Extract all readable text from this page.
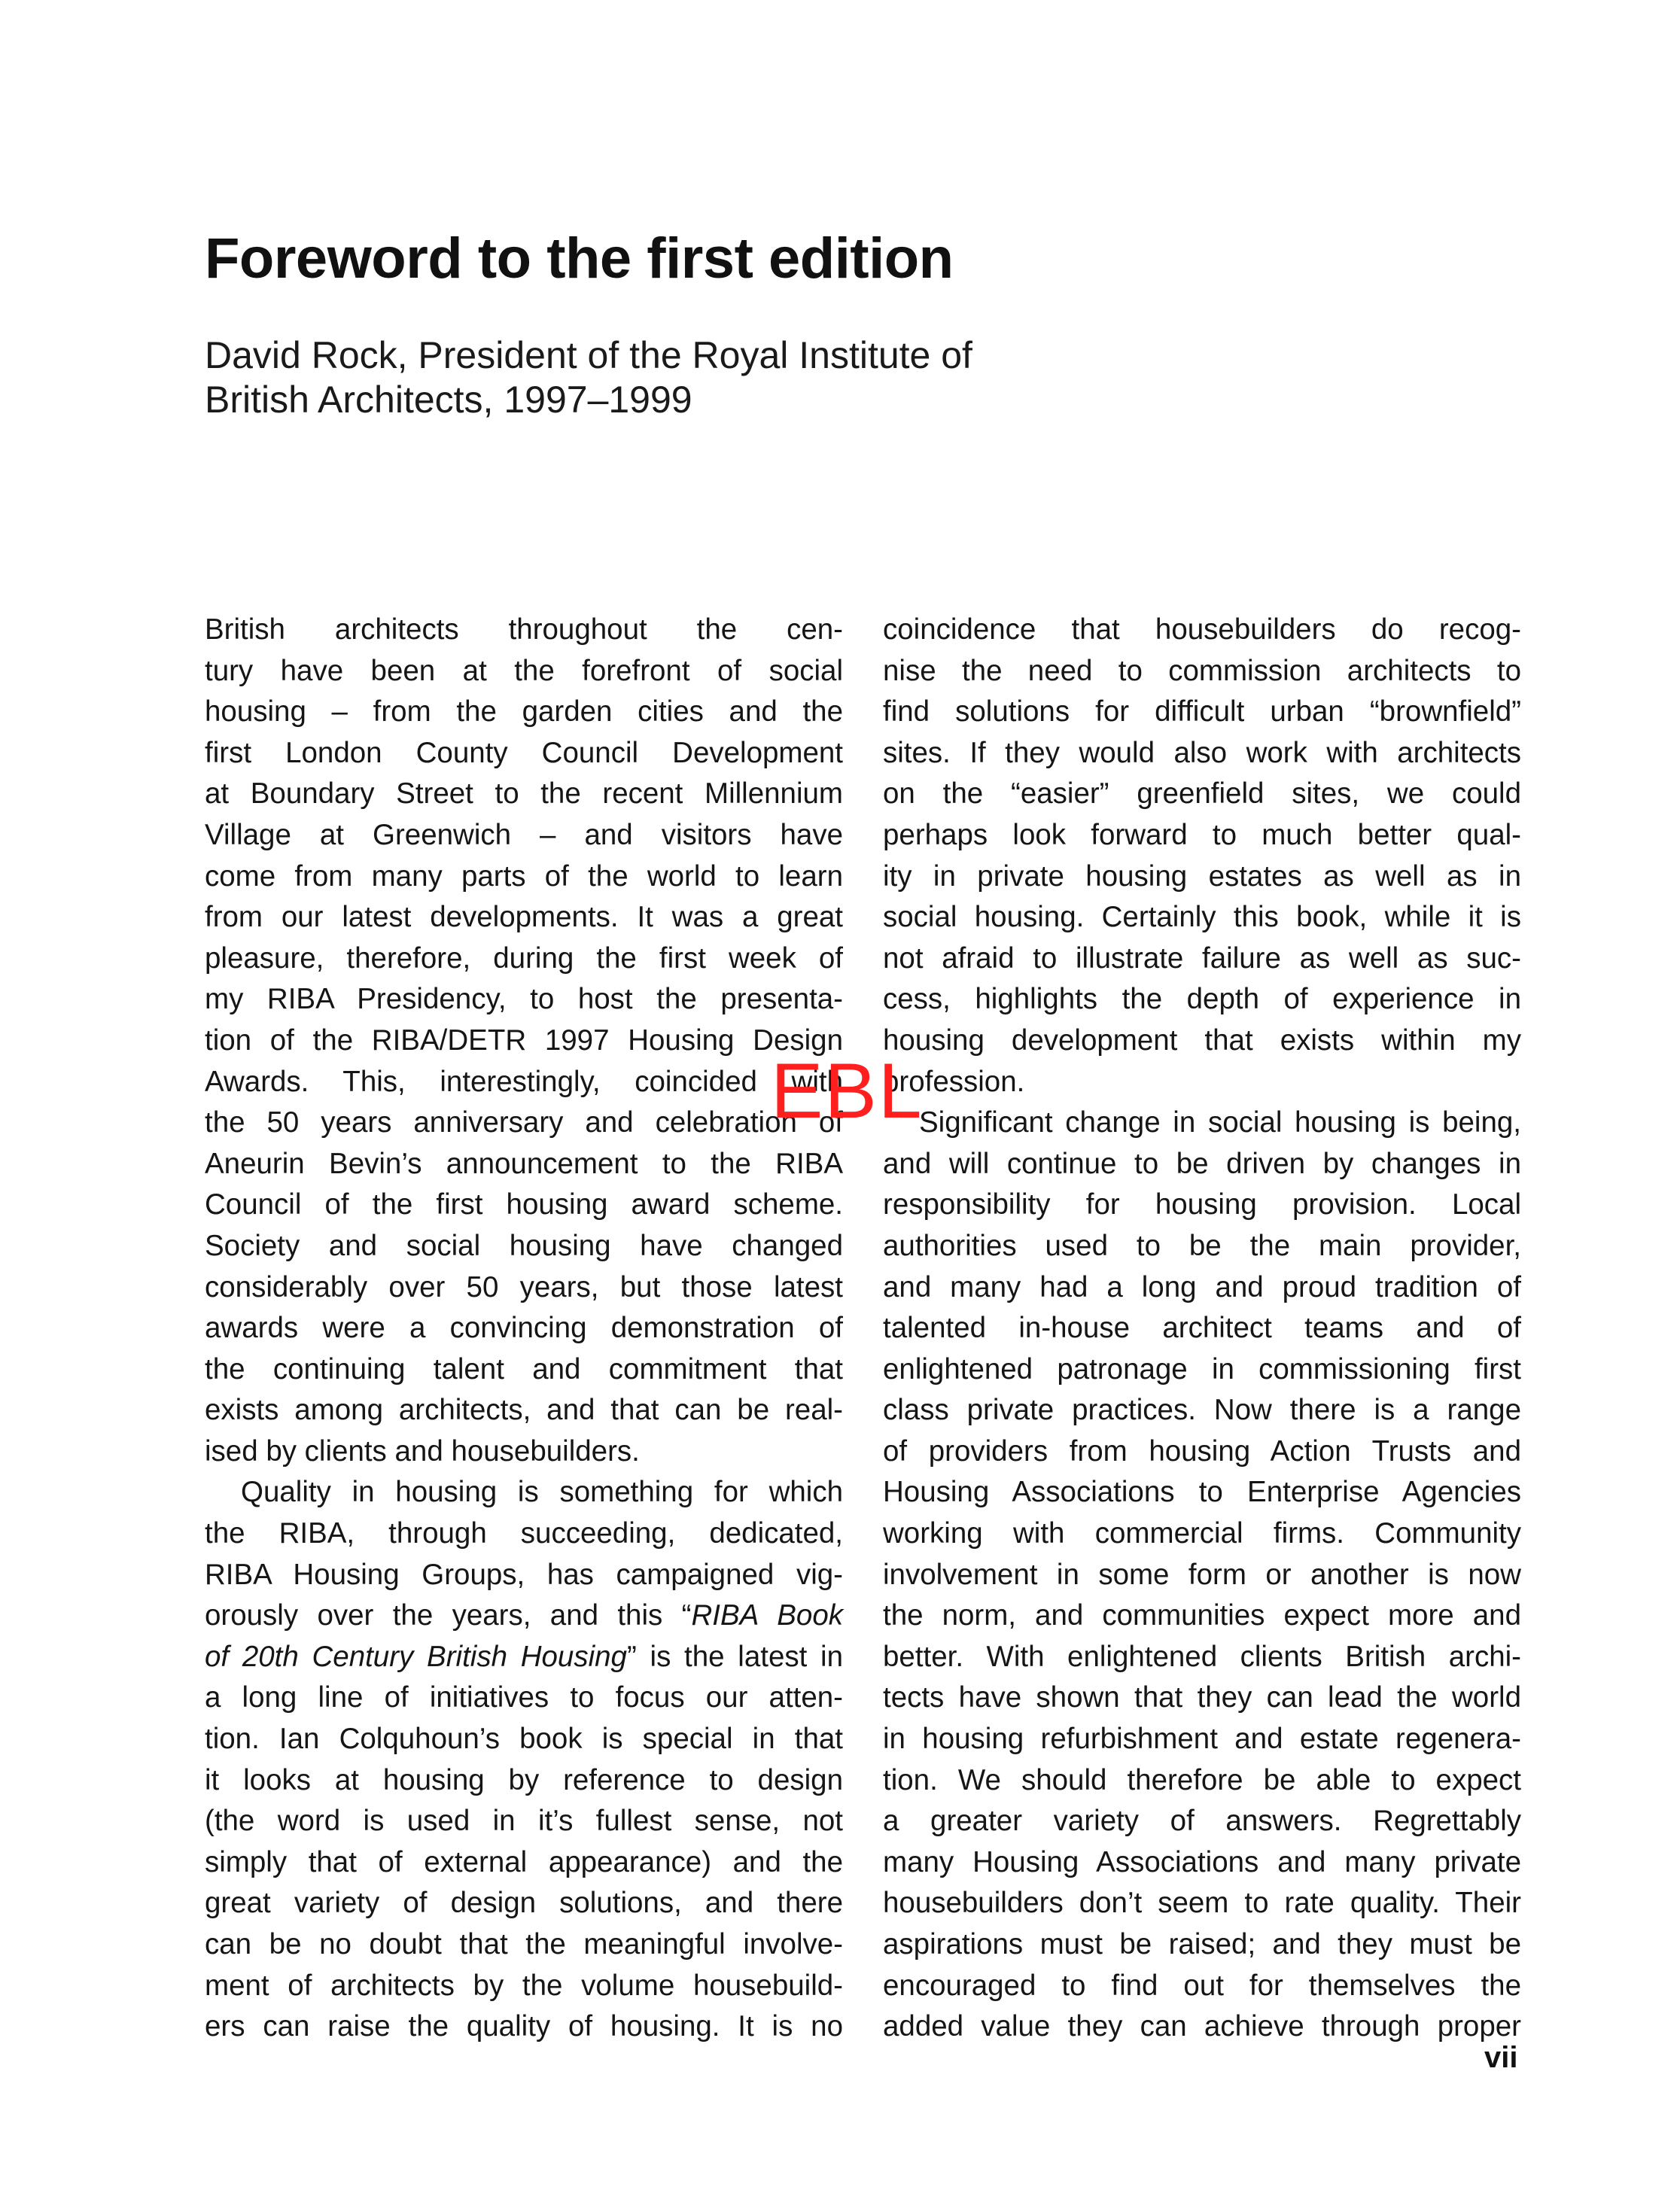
Foreword to the first edition
David Rock, President of the Royal Institute of
British Architects, 1997–1999
British architects throughout the cen-
tury have been at the forefront of social
housing – from the garden cities and the
first London County Council Development
at Boundary Street to the recent Millennium
Village at Greenwich – and visitors have
come from many parts of the world to learn
from our latest developments. It was a great
pleasure, therefore, during the first week of
my RIBA Presidency, to host the presenta-
tion of the RIBA/DETR 1997 Housing Design
Awards. This, interestingly, coincided with
the 50 years anniversary and celebration of
Aneurin Bevin’s announcement to the RIBA
Council of the first housing award scheme.
Society and social housing have changed
considerably over 50 years, but those latest
awards were a convincing demonstration of
the continuing talent and commitment that
exists among architects, and that can be real-
ised by clients and housebuilders.
Quality in housing is something for which
the RIBA, through succeeding, dedicated,
RIBA Housing Groups, has campaigned vig-
orously over the years, and this “RIBA Book
of 20th Century British Housing” is the latest in
a long line of initiatives to focus our atten-
tion. Ian Colquhoun’s book is special in that
it looks at housing by reference to design
(the word is used in it’s fullest sense, not
simply that of external appearance) and the
great variety of design solutions, and there
can be no doubt that the meaningful involve-
ment of architects by the volume housebuild-
ers can raise the quality of housing. It is no
coincidence that housebuilders do recog-
nise the need to commission architects to
find solutions for difficult urban “brownfield”
sites. If they would also work with architects
on the “easier” greenfield sites, we could
perhaps look forward to much better qual-
ity in private housing estates as well as in
social housing. Certainly this book, while it is
not afraid to illustrate failure as well as suc-
cess, highlights the depth of experience in
housing development that exists within my
profession.
Significant change in social housing is being,
and will continue to be driven by changes in
responsibility for housing provision. Local
authorities used to be the main provider,
and many had a long and proud tradition of
talented in-house architect teams and of
enlightened patronage in commissioning first
class private practices. Now there is a range
of providers from housing Action Trusts and
Housing Associations to Enterprise Agencies
working with commercial firms. Community
involvement in some form or another is now
the norm, and communities expect more and
better. With enlightened clients British archi-
tects have shown that they can lead the world
in housing refurbishment and estate regenera-
tion. We should therefore be able to expect
a greater variety of answers. Regrettably
many Housing Associations and many private
housebuilders don’t seem to rate quality. Their
aspirations must be raised; and they must be
encouraged to find out for themselves the
added value they can achieve through proper
EBL
vii
